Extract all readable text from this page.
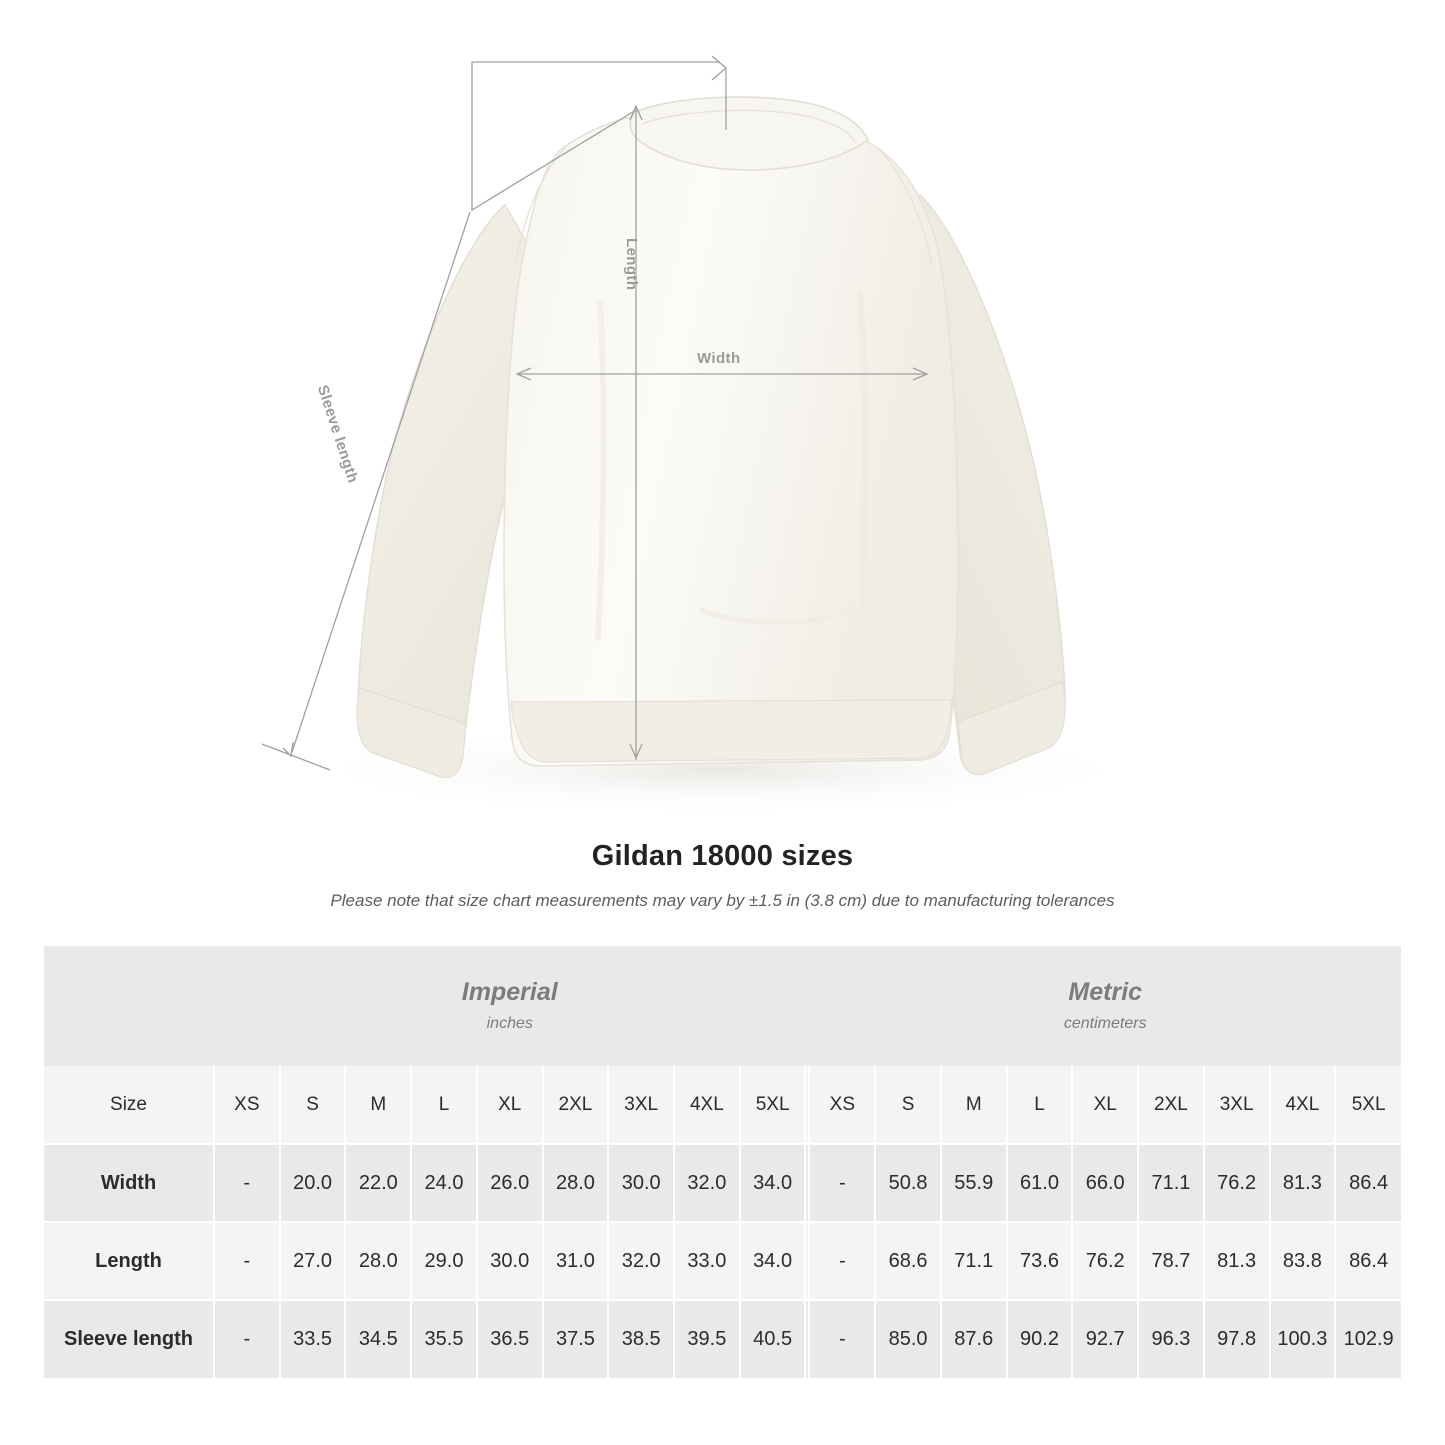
Length
Width
Sleeve length
Gildan 18000 sizes
Please note that size chart measurements may vary by ±1.5 in (3.8 cm) due to manufacturing tolerances

Imperial
inches

Metric
centimeters

Size	XS	S	M	L	XL	2XL	3XL	4XL	5XL		XS	S	M	L	XL	2XL	3XL	4XL	5XL
Width	-	20.0	22.0	24.0	26.0	28.0	30.0	32.0	34.0		-	50.8	55.9	61.0	66.0	71.1	76.2	81.3	86.4
Length	-	27.0	28.0	29.0	30.0	31.0	32.0	33.0	34.0		-	68.6	71.1	73.6	76.2	78.7	81.3	83.8	86.4
Sleeve length	-	33.5	34.5	35.5	36.5	37.5	38.5	39.5	40.5		-	85.0	87.6	90.2	92.7	96.3	97.8	100.3	102.9
